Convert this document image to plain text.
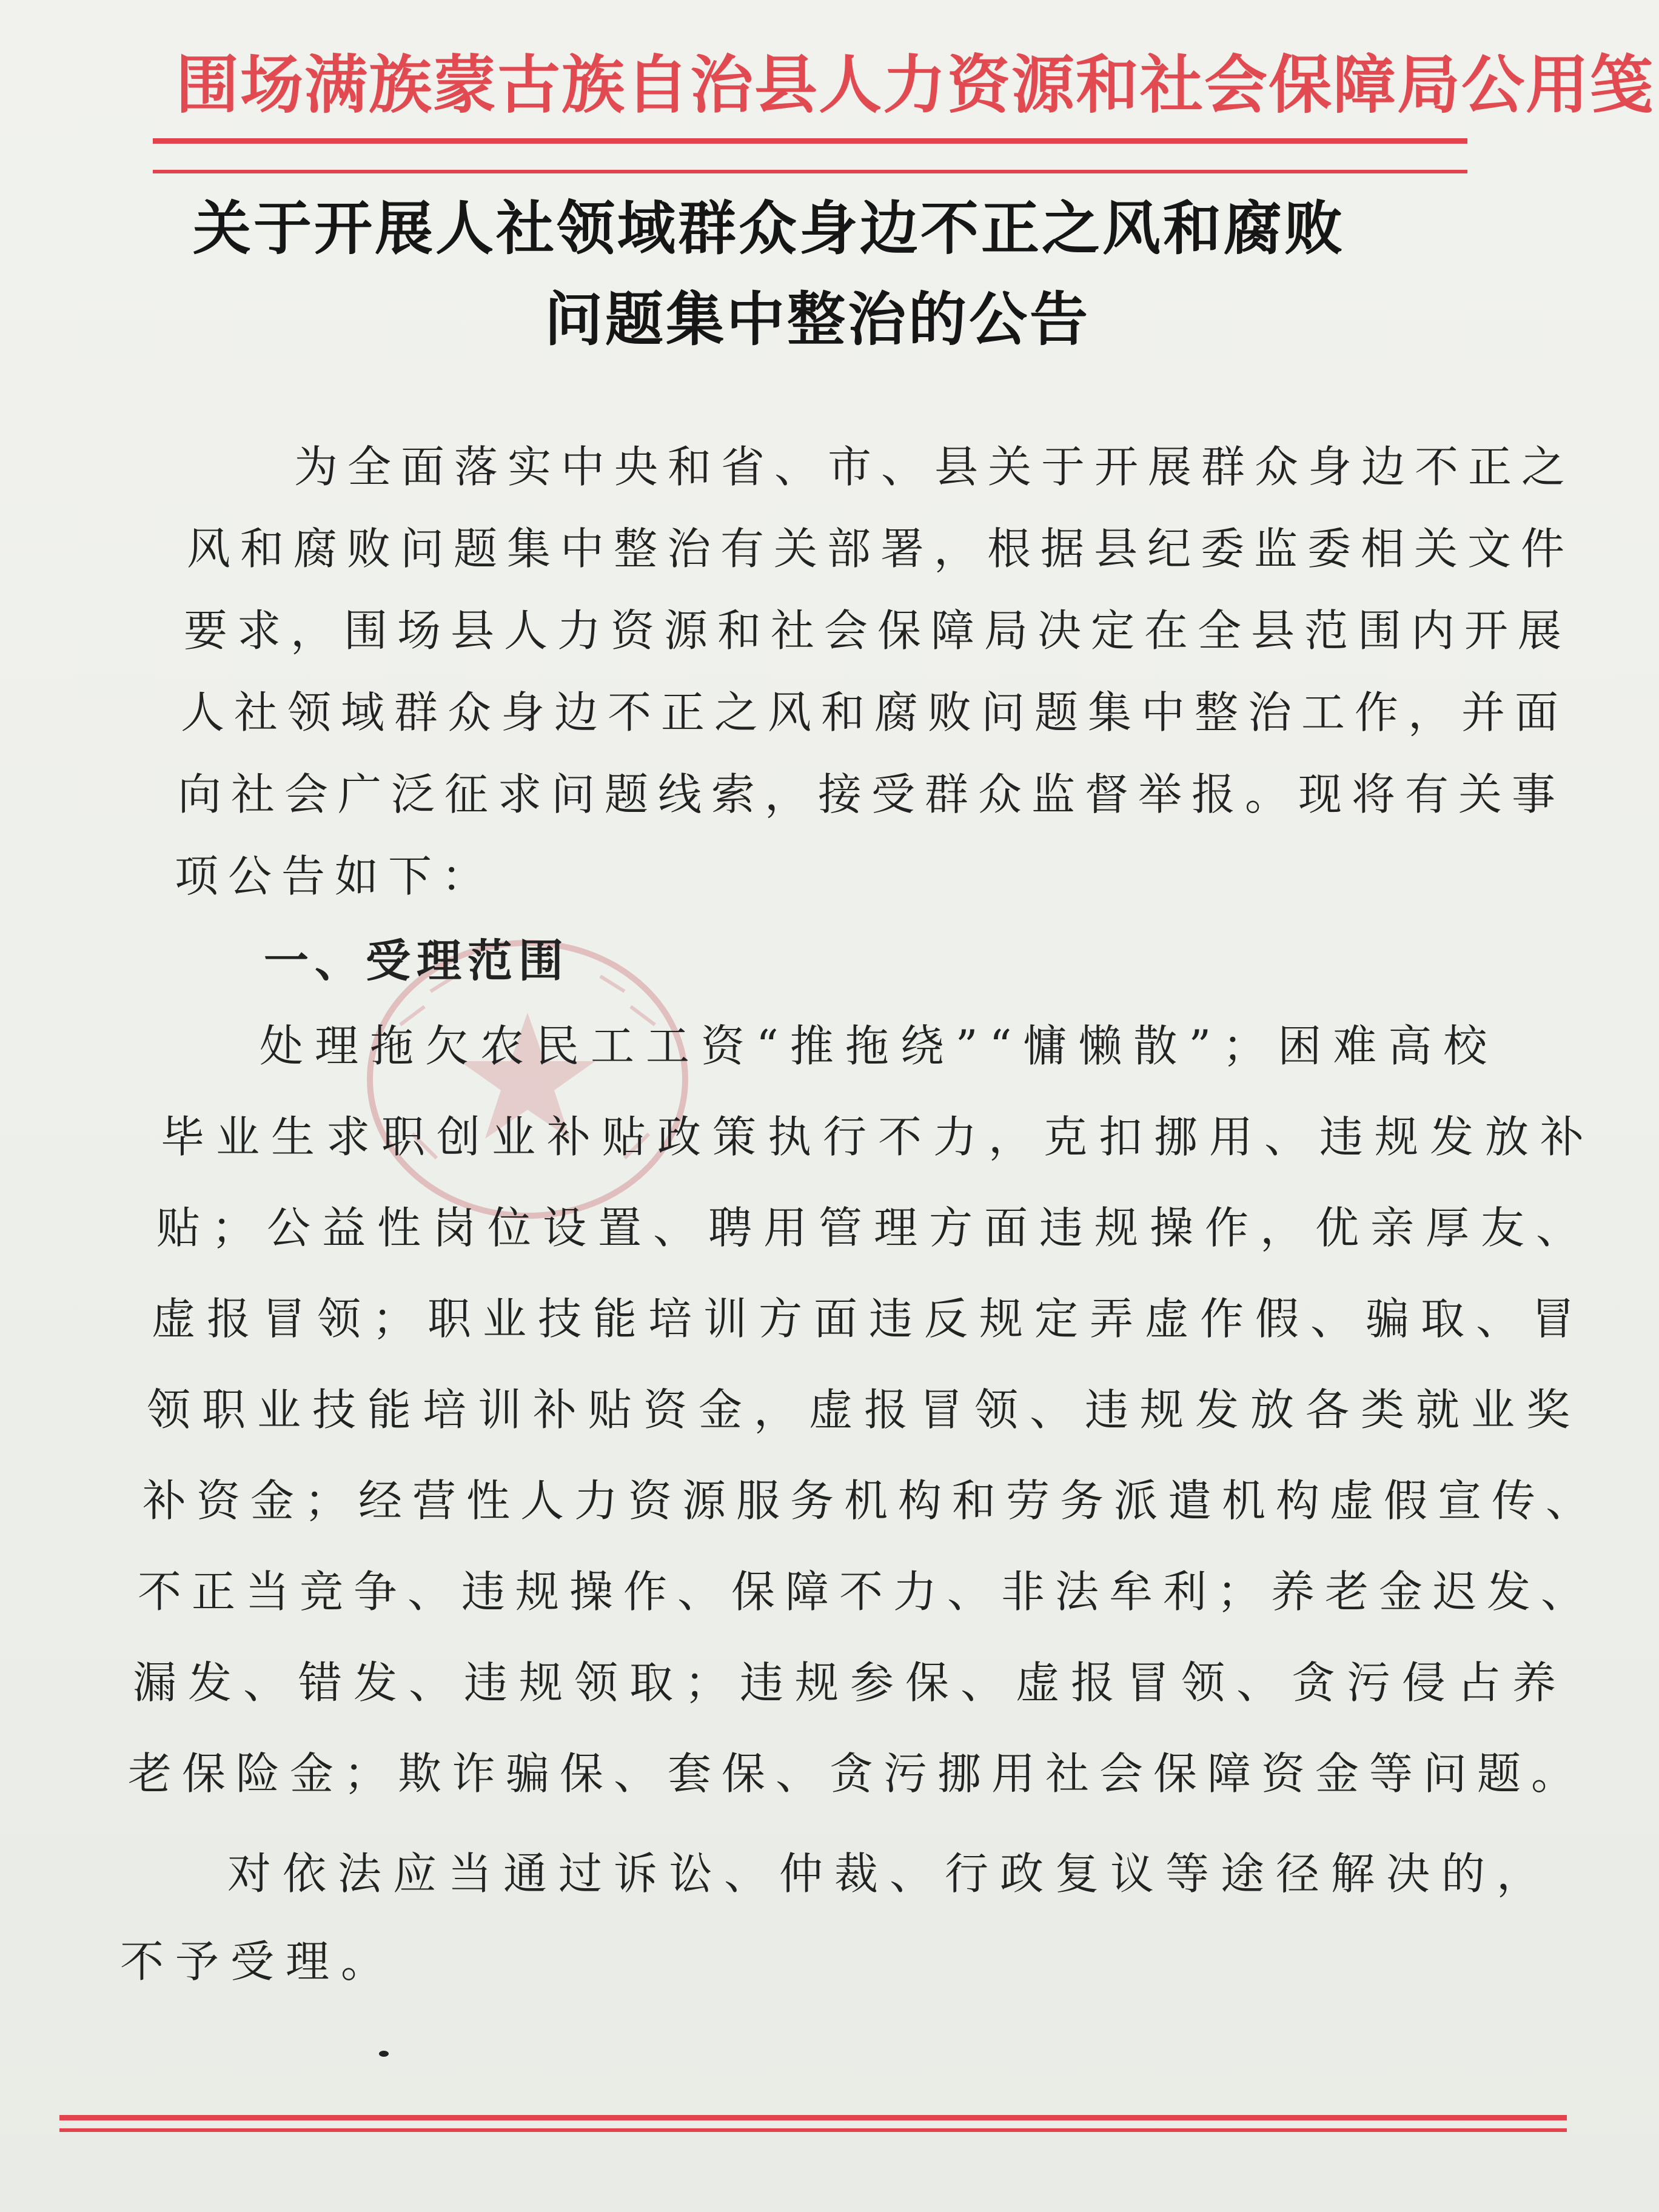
围场满族蒙古族自治县人力资源和社会保障局公用笺
关于开展人社领域群众身边不正之风和腐败
问题集中整治的公告
为全面落实中央和省、市、县关于开展群众身边不正之
风和腐败问题集中整治有关部署，根据县纪委监委相关文件
要求，围场县人力资源和社会保障局决定在全县范围内开展
人社领域群众身边不正之风和腐败问题集中整治工作，并面
向社会广泛征求问题线索，接受群众监督举报。现将有关事
项公告如下：
一、受理范围
处理拖欠农民工工资“推拖绕”“慵懒散”；困难高校
毕业生求职创业补贴政策执行不力，克扣挪用、违规发放补
贴；公益性岗位设置、聘用管理方面违规操作，优亲厚友、
虚报冒领；职业技能培训方面违反规定弄虚作假、骗取、冒
领职业技能培训补贴资金，虚报冒领、违规发放各类就业奖
补资金；经营性人力资源服务机构和劳务派遣机构虚假宣传、
不正当竞争、违规操作、保障不力、非法牟利；养老金迟发、
漏发、错发、违规领取；违规参保、虚报冒领、贪污侵占养
老保险金；欺诈骗保、套保、贪污挪用社会保障资金等问题。
对依法应当通过诉讼、仲裁、行政复议等途径解决的，
不予受理。
